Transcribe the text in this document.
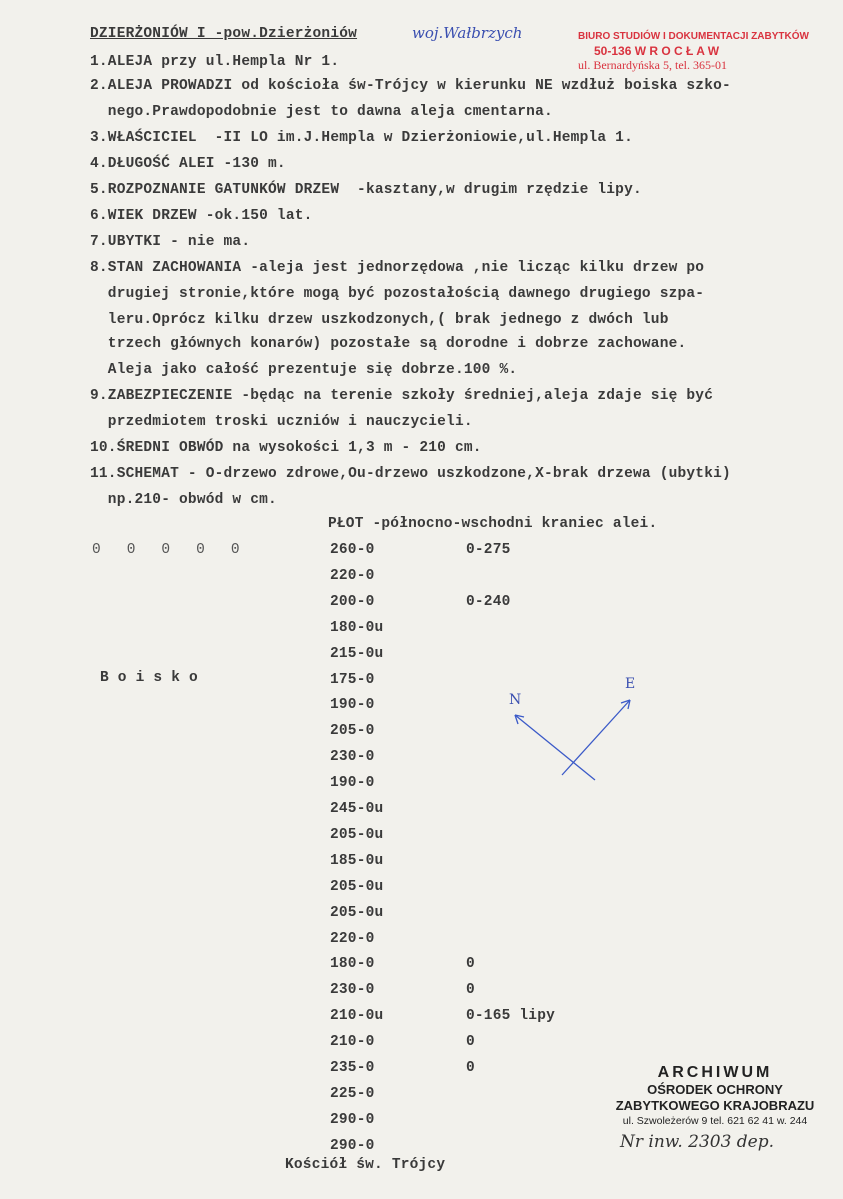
DZIERŻONIÓW I -pow.Dzierżoniów	woj.Wałbrzych	BIURO STUDIÓW I DOKUMENTACJI ZABYTKÓW
50-136 W R O C Ł A W
ul. Bernardyńska 5, tel. 365-01
1.ALEJA przy ul.Hempla Nr 1.
2.ALEJA PROWADZI od kościoła św-Trójcy w kierunku NE wzdłuż boiska szko-
nego.Prawdopodobnie jest to dawna aleja cmentarna.
3.WŁAŚCICIEL  -II LO im.J.Hempla w Dzierżoniowie,ul.Hempla 1.
4.DŁUGOŚĆ ALEI -130 m.
5.ROZPOZNANIE GATUNKÓW DRZEW  -kasztany,w drugim rzędzie lipy.
6.WIEK DRZEW -ok.150 lat.
7.UBYTKI - nie ma.
8.STAN ZACHOWANIA -aleja jest jednorzędowa ,nie licząc kilku drzew po
drugiej stronie,które mogą być pozostałością dawnego drugiego szpa-
leru.Oprócz kilku drzew uszkodzonych,( brak jednego z dwóch lub
trzech głównych konarów) pozostałe są dorodne i dobrze zachowane.
Aleja jako całość prezentuje się dobrze.100 %.
9.ZABEZPIECZENIE -będąc na terenie szkoły średniej,aleja zdaje się być
przedmiotem troski uczniów i nauczycieli.
10.ŚREDNI OBWÓD na wysokości 1,3 m - 210 cm.
11.SCHEMAT - O-drzewo zdrowe,Ou-drzewo uszkodzone,X-brak drzewa (ubytki)
np.210- obwód w cm.
PŁOT -północno-wschodni kraniec alei.
0  0  0  0  0
B o i s k o
260-0	0-275
220-0
200-0	0-240
180-0u
215-0u
175-0
190-0
205-0
230-0
190-0
245-0u
205-0u
185-0u
205-0u
205-0u
220-0
180-0	0
230-0	0
210-0u	0-165 lipy
210-0	0
235-0	0
225-0
290-0
290-0
Kościół św. Trójcy
N
E
ARCHIWUM
OŚRODEK OCHRONY
ZABYTKOWEGO KRAJOBRAZU
ul. Szwoleżerów 9 tel. 621 62 41 w. 244
Nr inw. 2303 dep.
